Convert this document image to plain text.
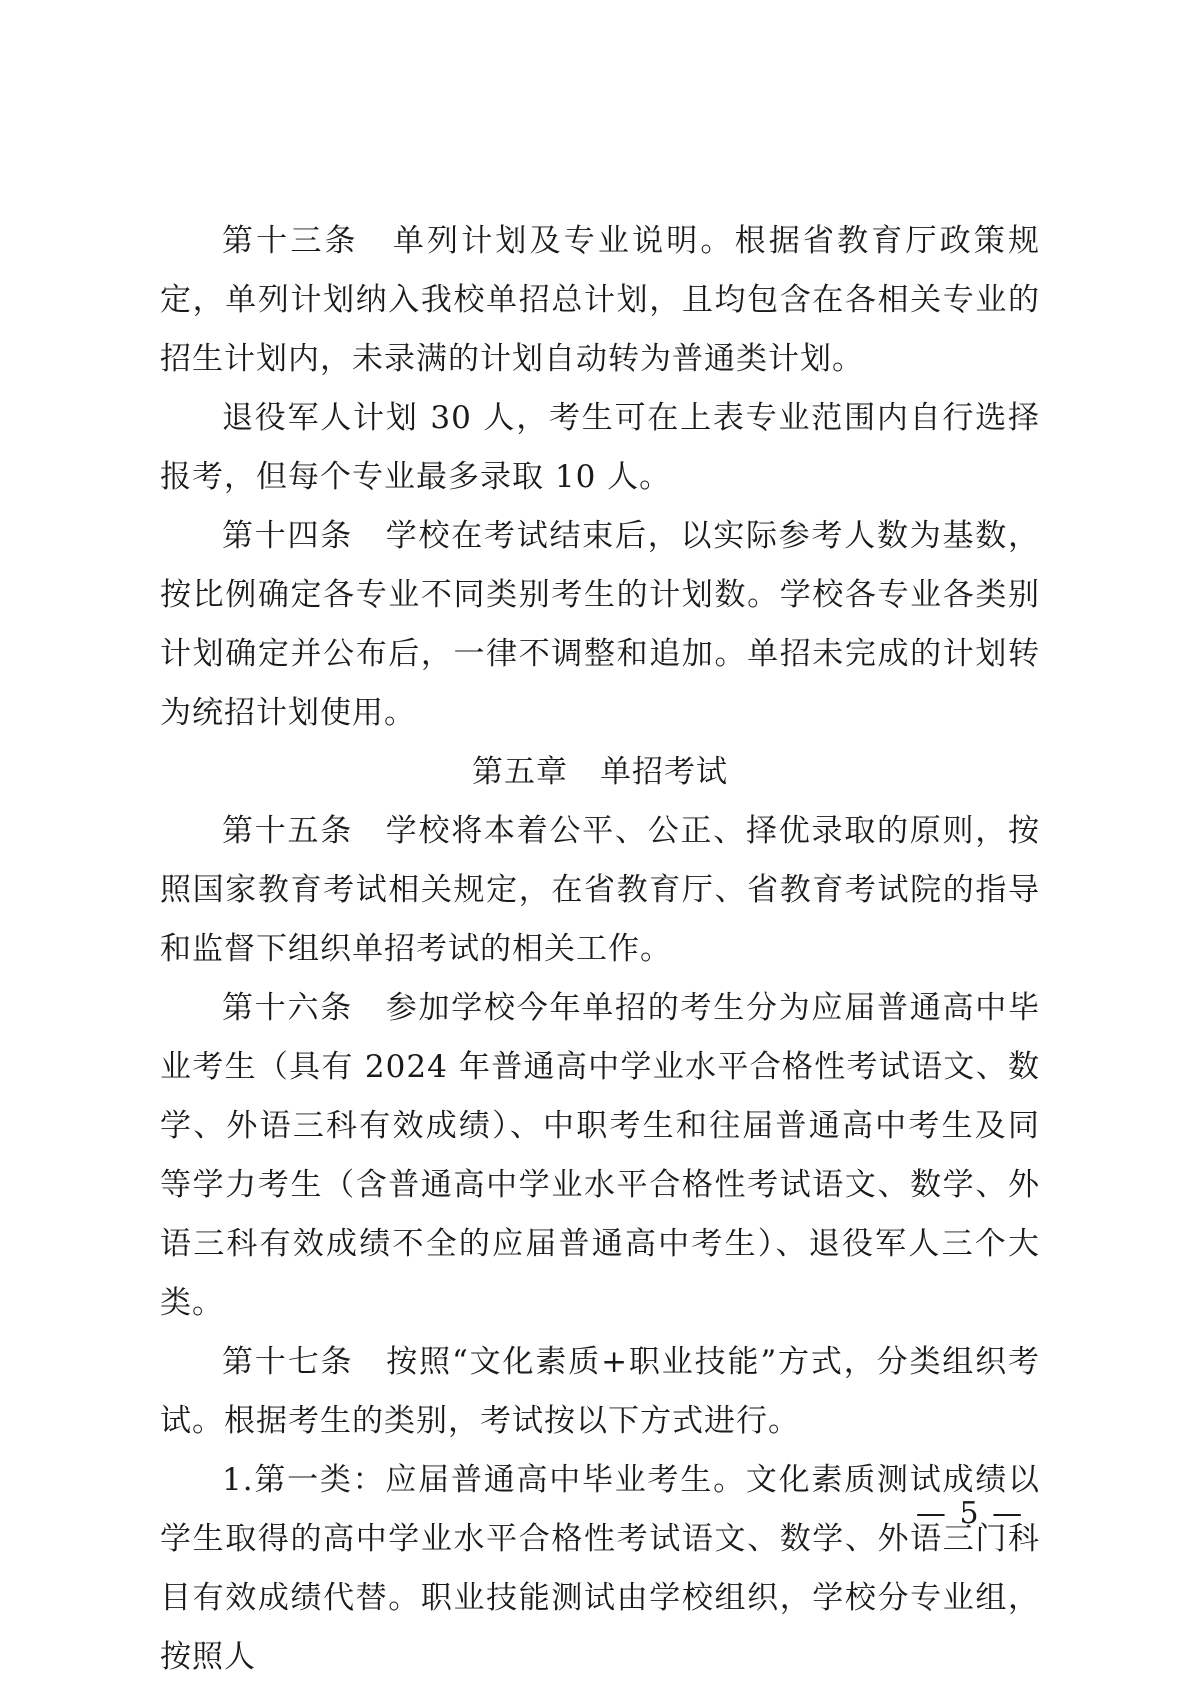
第十三条　单列计划及专业说明。根据省教育厅政策规定，单列计划纳入我校单招总计划，且均包含在各相关专业的招生计划内，未录满的计划自动转为普通类计划。

退役军人计划 30 人，考生可在上表专业范围内自行选择报考，但每个专业最多录取 10 人。

第十四条　学校在考试结束后，以实际参考人数为基数，按比例确定各专业不同类别考生的计划数。学校各专业各类别计划确定并公布后，一律不调整和追加。单招未完成的计划转为统招计划使用。

第五章　单招考试

第十五条　学校将本着公平、公正、择优录取的原则，按照国家教育考试相关规定，在省教育厅、省教育考试院的指导和监督下组织单招考试的相关工作。

第十六条　参加学校今年单招的考生分为应届普通高中毕业考生（具有 2024 年普通高中学业水平合格性考试语文、数学、外语三科有效成绩）、中职考生和往届普通高中考生及同等学力考生（含普通高中学业水平合格性考试语文、数学、外语三科有效成绩不全的应届普通高中考生）、退役军人三个大类。

第十七条　按照“文化素质+职业技能”方式，分类组织考试。根据考生的类别，考试按以下方式进行。

1.第一类：应届普通高中毕业考生。文化素质测试成绩以学生取得的高中学业水平合格性考试语文、数学、外语三门科目有效成绩代替。职业技能测试由学校组织，学校分专业组，按照人

— 5 —
